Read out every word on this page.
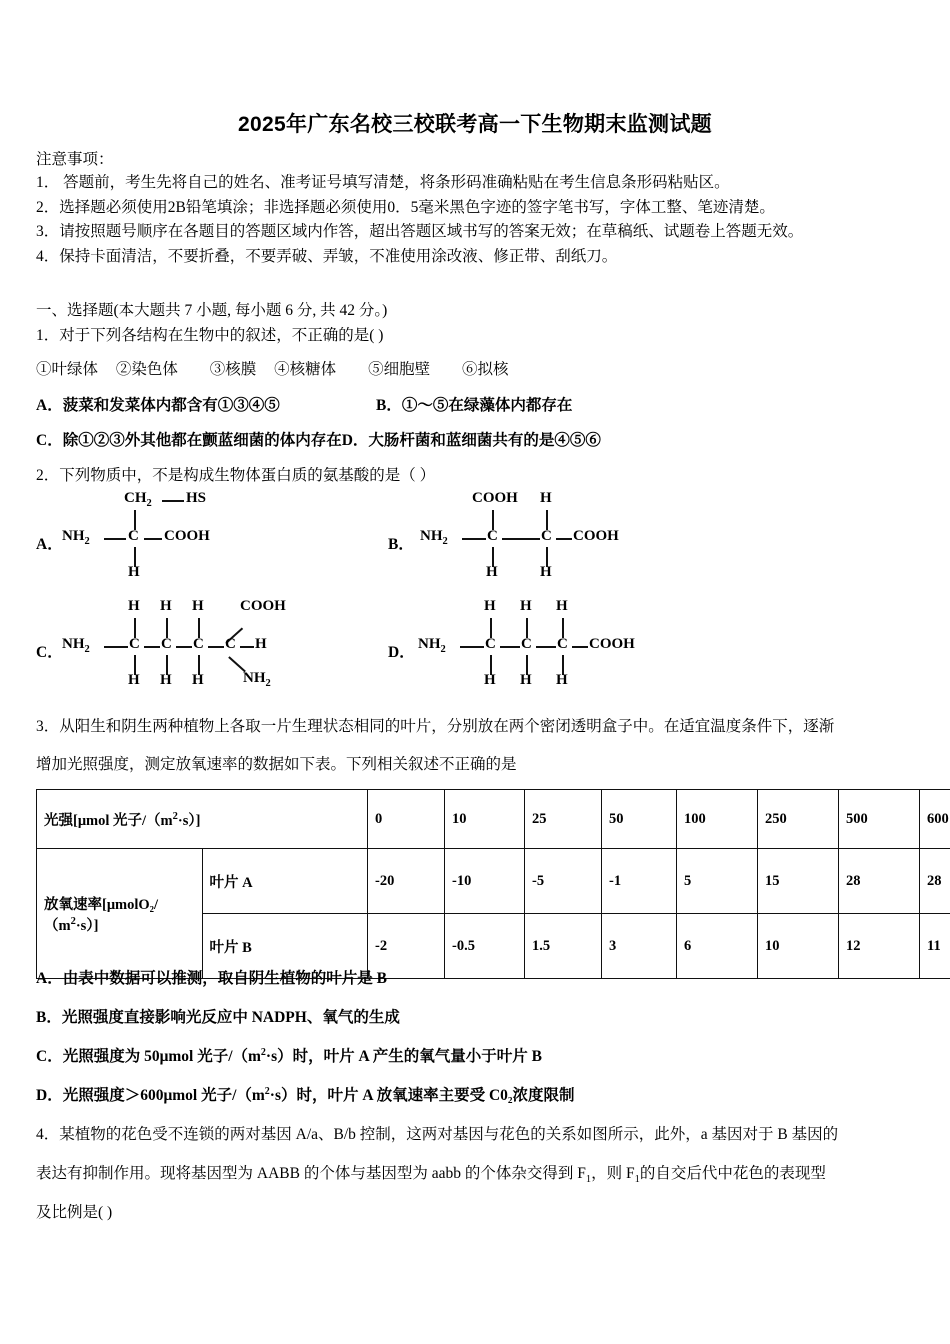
2025年广东名校三校联考高一下生物期末监测试题
注意事项：
1． 答题前，考生先将自己的姓名、准考证号填写清楚，将条形码准确粘贴在考生信息条形码粘贴区。
2．选择题必须使用2B铅笔填涂；非选择题必须使用0．5毫米黑色字迹的签字笔书写，字体工整、笔迹清楚。
3．请按照题号顺序在各题目的答题区域内作答，超出答题区域书写的答案无效；在草稿纸、试题卷上答题无效。
4．保持卡面清洁，不要折叠，不要弄破、弄皱，不准使用涂改液、修正带、刮纸刀。
一、选择题(本大题共 7 小题, 每小题 6 分, 共 42 分。)
1．对于下列各结构在生物中的叙述，不正确的是( )
①叶绿体 ②染色体 ③核膜 ④核糖体 ⑤细胞壁 ⑥拟核
A．菠菜和发菜体内都含有①③④⑤	B．①～⑤在绿藻体内都存在
C．除①②③外其他都在颤蓝细菌的体内存在D．大肠杆菌和蓝细菌共有的是④⑤⑥
2．下列物质中，不是构成生物体蛋白质的氨基酸的是（ ）
A．
$CH_2$ HS
$NH_2$	C COOH
H
B．
COOH H
$NH_2$	C	C COOH
H	H
C．
H H H COOH
$NH_2$	C C C C H
H H H	$NH_2$
D．
H H H
$NH_2$	C C C COOH
H H H
3．从阳生和阴生两种植物上各取一片生理状态相同的叶片，分别放在两个密闭透明盒子中。在适宜温度条件下，逐渐
增加光照强度，测定放氧速率的数据如下表。下列相关叙述不正确的是
光强[μmol 光子$/(m^2\cdot s)$]		0	10	25	50	100	250	500	600
放氧速率$[\mu molO_2/(m^2\cdot s)]$	叶片 A	-20	-10	-5	-1	5	15	28	28
	叶片 B	-2	-0.5	1.5	3	6	10	12	11
A．由表中数据可以推测，取自阴生植物的叶片是 B
B．光照强度直接影响光反应中 NADPH、氧气的生成
C．光照强度为 50μmol 光子$/(m^2\cdot s)$时，叶片 A 产生的氧气量小于叶片 B
D．光照强度＞600μmol 光子$/(m^2\cdot s)$时，叶片 A 放氧速率主要受 C0₂浓度限制
4．某植物的花色受不连锁的两对基因 A/a、B/b 控制，这两对基因与花色的关系如图所示，此外，a 基因对于 B 基因的
表达有抑制作用。现将基因型为 AABB 的个体与基因型为 aabb 的个体杂交得到 $F_1$，则 $F_1$的自交后代中花色的表现型
及比例是( )
